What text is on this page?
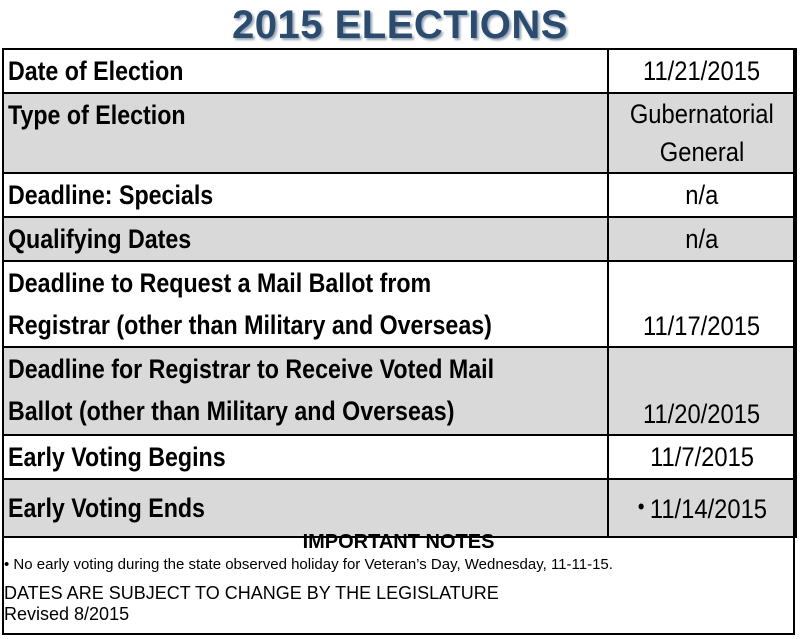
2015 ELECTIONS
Date of Election	11/21/2015
Type of Election	Gubernatorial
General
Deadline: Specials	n/a
Qualifying Dates	n/a
Deadline to Request a Mail Ballot from
Registrar (other than Military and Overseas)	11/17/2015
Deadline for Registrar to Receive Voted Mail
Ballot (other than Military and Overseas)	11/20/2015
Early Voting Begins	11/7/2015
Early Voting Ends	• 11/14/2015
IMPORTANT NOTES
• No early voting during the state observed holiday for Veteran’s Day, Wednesday, 11-11-15.
DATES ARE SUBJECT TO CHANGE BY THE LEGISLATURE
Revised 8/2015
